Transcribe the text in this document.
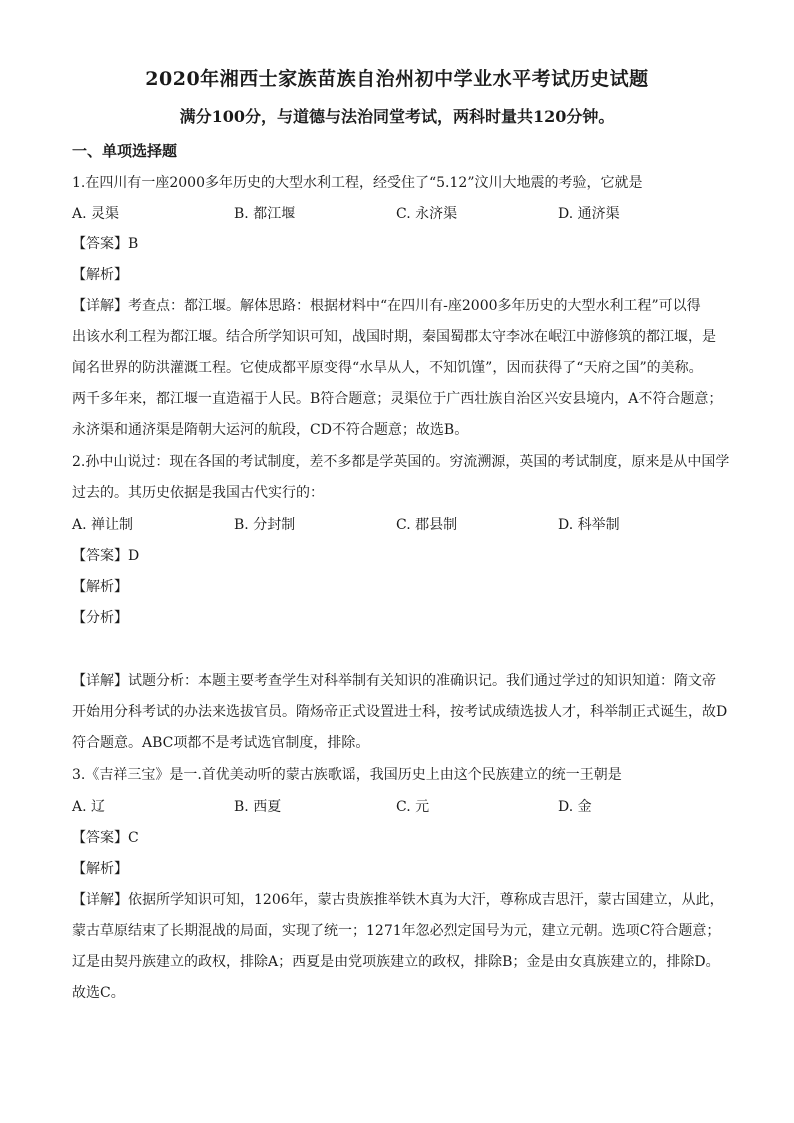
2020年湘西士家族苗族自治州初中学业水平考试历史试题
满分100分，与道德与法治同堂考试，两科时量共120分钟。
一、单项选择题
1.在四川有一座2000多年历史的大型水利工程，经受住了“5.12”汶川大地震的考验，它就是
A. 灵渠	B. 都江堰	C. 永济渠	D. 通济渠
【答案】B
【解析】
【详解】考查点：都江堰。解体思路：根据材料中“在四川有-座2000多年历史的大型水利工程”可以得
出该水利工程为都江堰。结合所学知识可知，战国时期，秦国蜀郡太守李冰在岷江中游修筑的都江堰，是
闻名世界的防洪灌溉工程。它使成都平原变得“水旱从人，不知饥馑”，因而获得了“天府之国”的美称。
两千多年来，都江堰一直造福于人民。B符合题意；灵渠位于广西壮族自治区兴安县境内，A不符合题意；
永济渠和通济渠是隋朝大运河的航段，CD不符合题意；故选B。
2.孙中山说过：现在各国的考试制度，差不多都是学英国的。穷流溯源，英国的考试制度，原来是从中国学
过去的。其历史依据是我国古代实行的：
A. 禅让制	B. 分封制	C. 郡县制	D. 科举制
【答案】D
【解析】
【分析】
【详解】试题分析：本题主要考查学生对科举制有关知识的准确识记。我们通过学过的知识知道：隋文帝
开始用分科考试的办法来选拔官员。隋炀帝正式设置进士科，按考试成绩选拔人才，科举制正式诞生，故D
符合题意。ABC项都不是考试选官制度，排除。
3.《吉祥三宝》是一.首优美动听的蒙古族歌谣，我国历史上由这个民族建立的统一王朝是
A. 辽	B. 西夏	C. 元	D. 金
【答案】C
【解析】
【详解】依据所学知识可知，1206年，蒙古贵族推举铁木真为大汗，尊称成吉思汗，蒙古国建立，从此，
蒙古草原结束了长期混战的局面，实现了统一；1271年忽必烈定国号为元，建立元朝。选项C符合题意；
辽是由契丹族建立的政权，排除A；西夏是由党项族建立的政权，排除B；金是由女真族建立的，排除D。
故选C。
